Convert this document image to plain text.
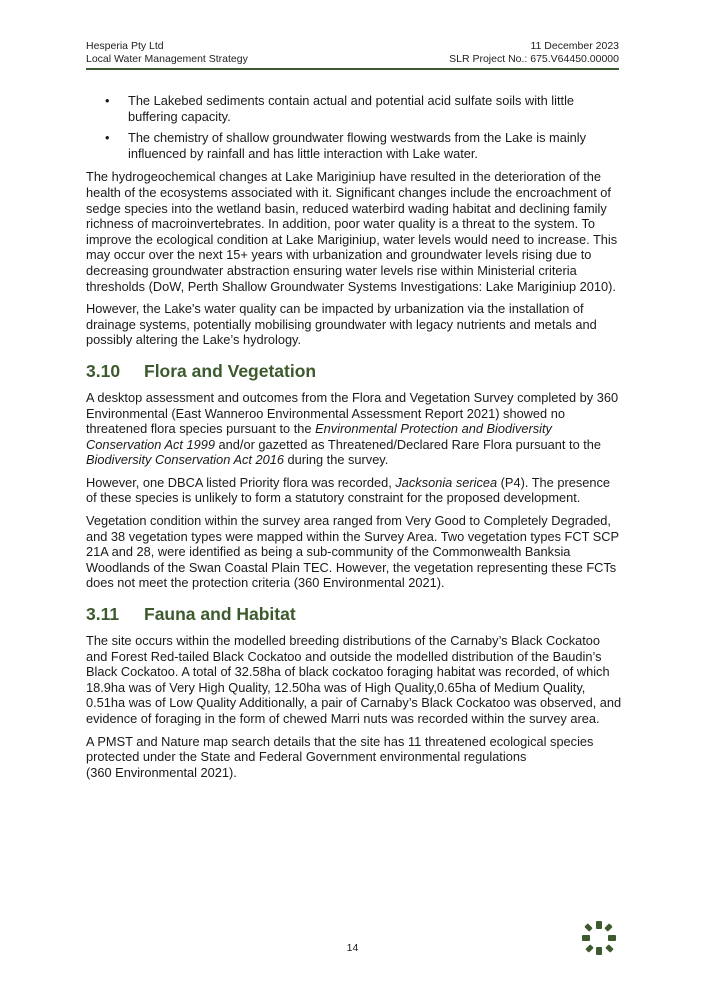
Hesperia Pty Ltd
Local Water Management Strategy
11 December 2023
SLR Project No.: 675.V64450.00000
• The Lakebed sediments contain actual and potential acid sulfate soils with little buffering capacity.
• The chemistry of shallow groundwater flowing westwards from the Lake is mainly influenced by rainfall and has little interaction with Lake water.

The hydrogeochemical changes at Lake Mariginiup have resulted in the deterioration of the health of the ecosystems associated with it. Significant changes include the encroachment of sedge species into the wetland basin, reduced waterbird wading habitat and declining family richness of macroinvertebrates. In addition, poor water quality is a threat to the system. To improve the ecological condition at Lake Mariginiup, water levels would need to increase. This may occur over the next 15+ years with urbanization and groundwater levels rising due to decreasing groundwater abstraction ensuring water levels rise within Ministerial criteria thresholds (DoW, Perth Shallow Groundwater Systems Investigations: Lake Mariginiup 2010).

However, the Lake's water quality can be impacted by urbanization via the installation of drainage systems, potentially mobilising groundwater with legacy nutrients and metals and possibly altering the Lake’s hydrology.

3.10 Flora and Vegetation

A desktop assessment and outcomes from the Flora and Vegetation Survey completed by 360 Environmental (East Wanneroo Environmental Assessment Report 2021) showed no threatened flora species pursuant to the Environmental Protection and Biodiversity Conservation Act 1999 and/or gazetted as Threatened/Declared Rare Flora pursuant to the Biodiversity Conservation Act 2016 during the survey.

However, one DBCA listed Priority flora was recorded, Jacksonia sericea (P4). The presence of these species is unlikely to form a statutory constraint for the proposed development.

Vegetation condition within the survey area ranged from Very Good to Completely Degraded, and 38 vegetation types were mapped within the Survey Area. Two vegetation types FCT SCP 21A and 28, were identified as being a sub-community of the Commonwealth Banksia Woodlands of the Swan Coastal Plain TEC. However, the vegetation representing these FCTs does not meet the protection criteria (360 Environmental 2021).

3.11 Fauna and Habitat

The site occurs within the modelled breeding distributions of the Carnaby’s Black Cockatoo and Forest Red-tailed Black Cockatoo and outside the modelled distribution of the Baudin’s Black Cockatoo. A total of 32.58ha of black cockatoo foraging habitat was recorded, of which 18.9ha was of Very High Quality, 12.50ha was of High Quality,0.65ha of Medium Quality, 0.51ha was of Low Quality Additionally, a pair of Carnaby’s Black Cockatoo was observed, and evidence of foraging in the form of chewed Marri nuts was recorded within the survey area.

A PMST and Nature map search details that the site has 11 threatened ecological species protected under the State and Federal Government environmental regulations
(360 Environmental 2021).

14
